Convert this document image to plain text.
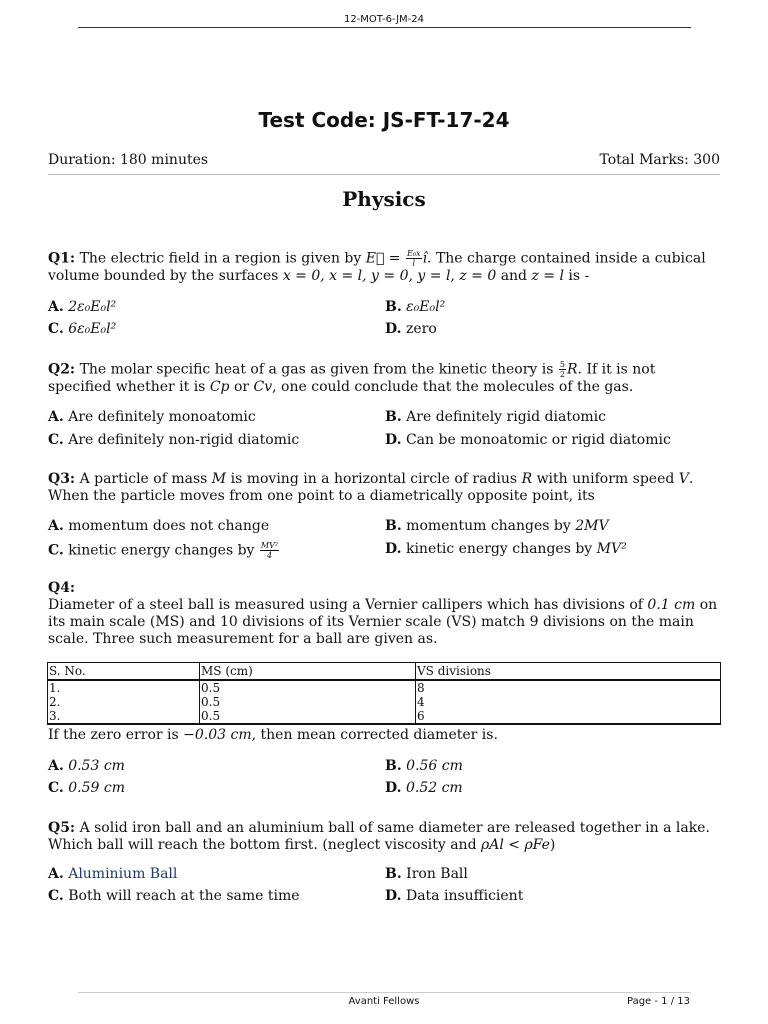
12-MOT-6-JM-24
Test Code: JS-FT-17-24
Duration: 180 minutes	Total Marks: 300
Physics
Q1: The electric field in a region is given by E⃗ = $\frac{\text{E₀x}}{l}$ î. The charge contained inside a cubical volume bounded by the surfaces x = 0, x = l, y = 0, y = l, z = 0 and z = l is -
A. 2ε₀E₀l²	B. ε₀E₀l²
C. 6ε₀E₀l²	D. zero
Q2: The molar specific heat of a gas as given from the kinetic theory is $\frac{5}{2} R$. If it is not specified whether it is Cp or Cv, one could conclude that the molecules of the gas.
A. Are definitely monoatomic	B. Are definitely rigid diatomic
C. Are definitely non-rigid diatomic	D. Can be monoatomic or rigid diatomic
Q3: A particle of mass M is moving in a horizontal circle of radius R with uniform speed V. When the particle moves from one point to a diametrically opposite point, its
A. momentum does not change	B. momentum changes by 2MV
C. kinetic energy changes by $\frac{\text{MV²}}{4}$	D. kinetic energy changes by MV²
Q4:
Diameter of a steel ball is measured using a Vernier callipers which has divisions of 0.1 cm on its main scale (MS) and 10 divisions of its Vernier scale (VS) match 9 divisions on the main scale. Three such measurement for a ball are given as.
S. No.	MS (cm)	VS divisions
1.	0.5	8
2.	0.5	4
3.	0.5	6
If the zero error is −0.03 cm, then mean corrected diameter is.
A. 0.53 cm	B. 0.56 cm
C. 0.59 cm	D. 0.52 cm
Q5: A solid iron ball and an aluminium ball of same diameter are released together in a lake. Which ball will reach the bottom first. (neglect viscosity and ρAl < ρFe)
A. Aluminium Ball	B. Iron Ball
C. Both will reach at the same time	D. Data insufficient
Avanti Fellows	Page - 1 / 13
